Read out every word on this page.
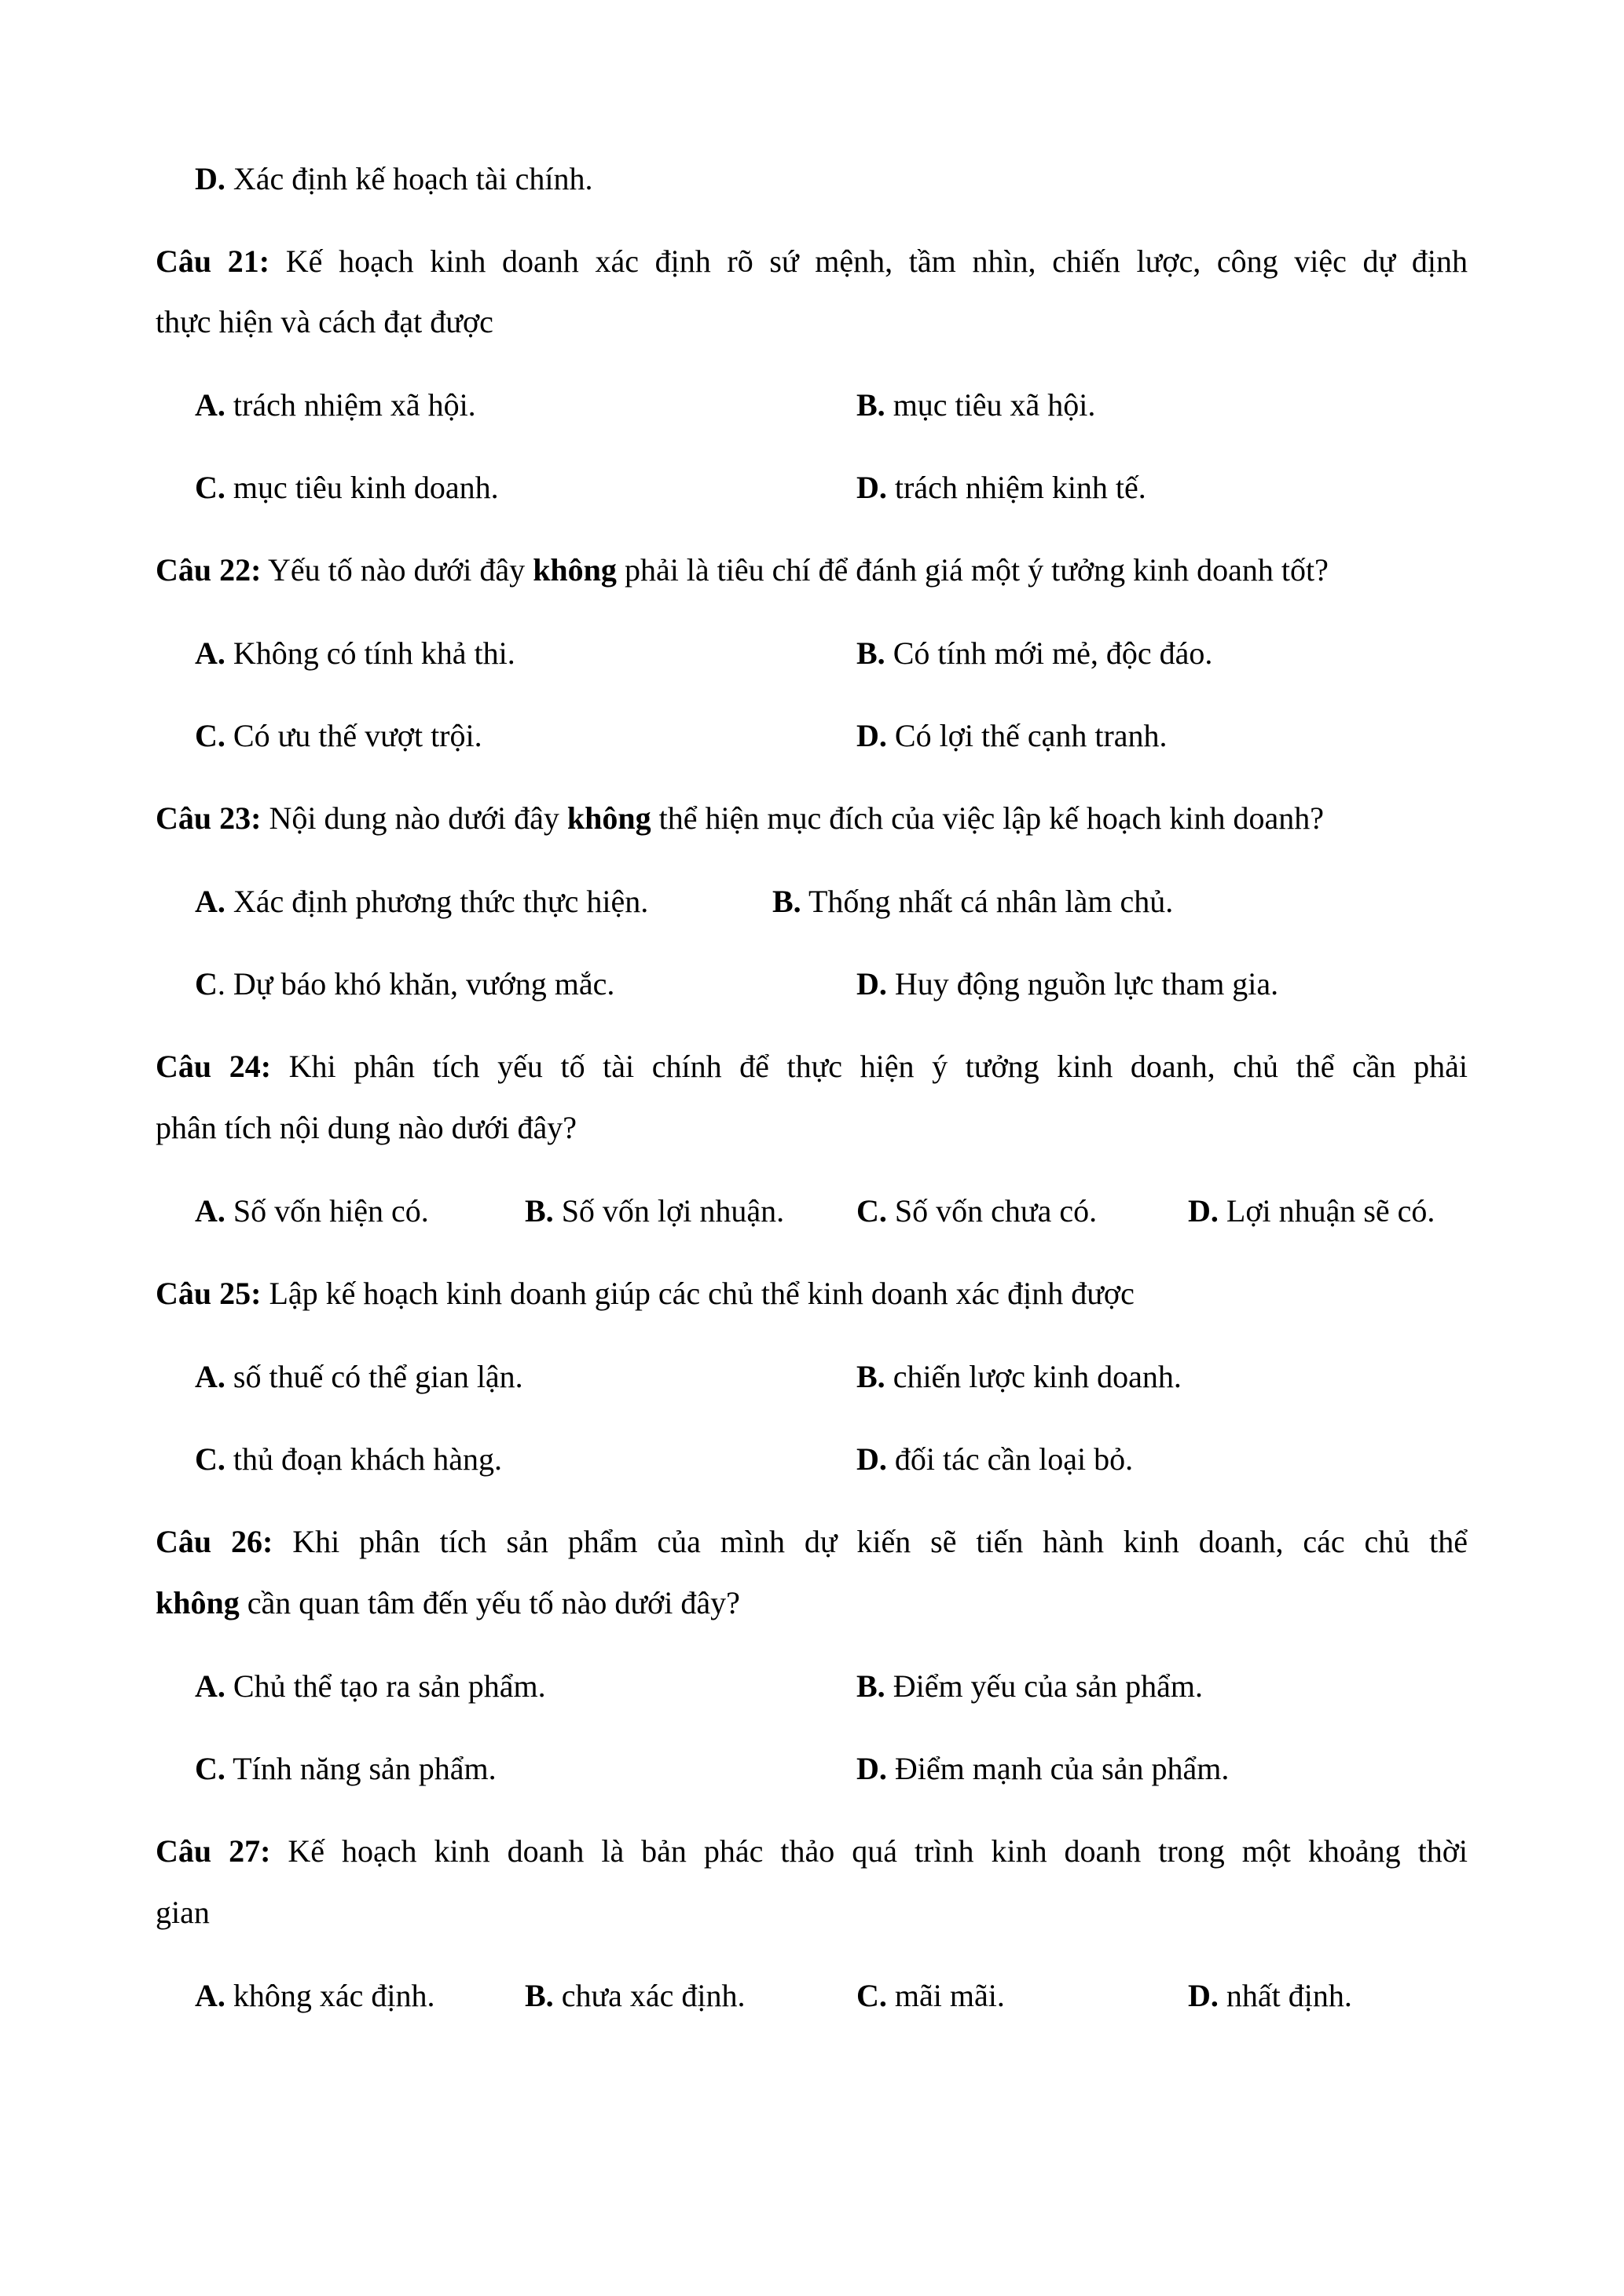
D. Xác định kế hoạch tài chính.
Câu 21: Kế hoạch kinh doanh xác định rõ sứ mệnh, tầm nhìn, chiến lược, công việc dự định
thực hiện và cách đạt được
A. trách nhiệm xã hội.	B. mục tiêu xã hội.
C. mục tiêu kinh doanh.	D. trách nhiệm kinh tế.
Câu 22: Yếu tố nào dưới đây không phải là tiêu chí để đánh giá một ý tưởng kinh doanh tốt?
A. Không có tính khả thi.	B. Có tính mới mẻ, độc đáo.
C. Có ưu thế vượt trội.	D. Có lợi thế cạnh tranh.
Câu 23: Nội dung nào dưới đây không thể hiện mục đích của việc lập kế hoạch kinh doanh?
A. Xác định phương thức thực hiện.	B. Thống nhất cá nhân làm chủ.
C. Dự báo khó khăn, vướng mắc.	D. Huy động nguồn lực tham gia.
Câu 24: Khi phân tích yếu tố tài chính để thực hiện ý tưởng kinh doanh, chủ thể cần phải
phân tích nội dung nào dưới đây?
A. Số vốn hiện có.	B. Số vốn lợi nhuận. C. Số vốn chưa có.	D. Lợi nhuận sẽ có.
Câu 25: Lập kế hoạch kinh doanh giúp các chủ thể kinh doanh xác định được
A. số thuế có thể gian lận.	B. chiến lược kinh doanh.
C. thủ đoạn khách hàng.	D. đối tác cần loại bỏ.
Câu 26: Khi phân tích sản phẩm của mình dự kiến sẽ tiến hành kinh doanh, các chủ thể
không cần quan tâm đến yếu tố nào dưới đây?
A. Chủ thể tạo ra sản phẩm.	B. Điểm yếu của sản phẩm.
C. Tính năng sản phẩm.	D. Điểm mạnh của sản phẩm.
Câu 27: Kế hoạch kinh doanh là bản phác thảo quá trình kinh doanh trong một khoảng thời
gian
A. không xác định.	B. chưa xác định.	C. mãi mãi.	D. nhất định.
